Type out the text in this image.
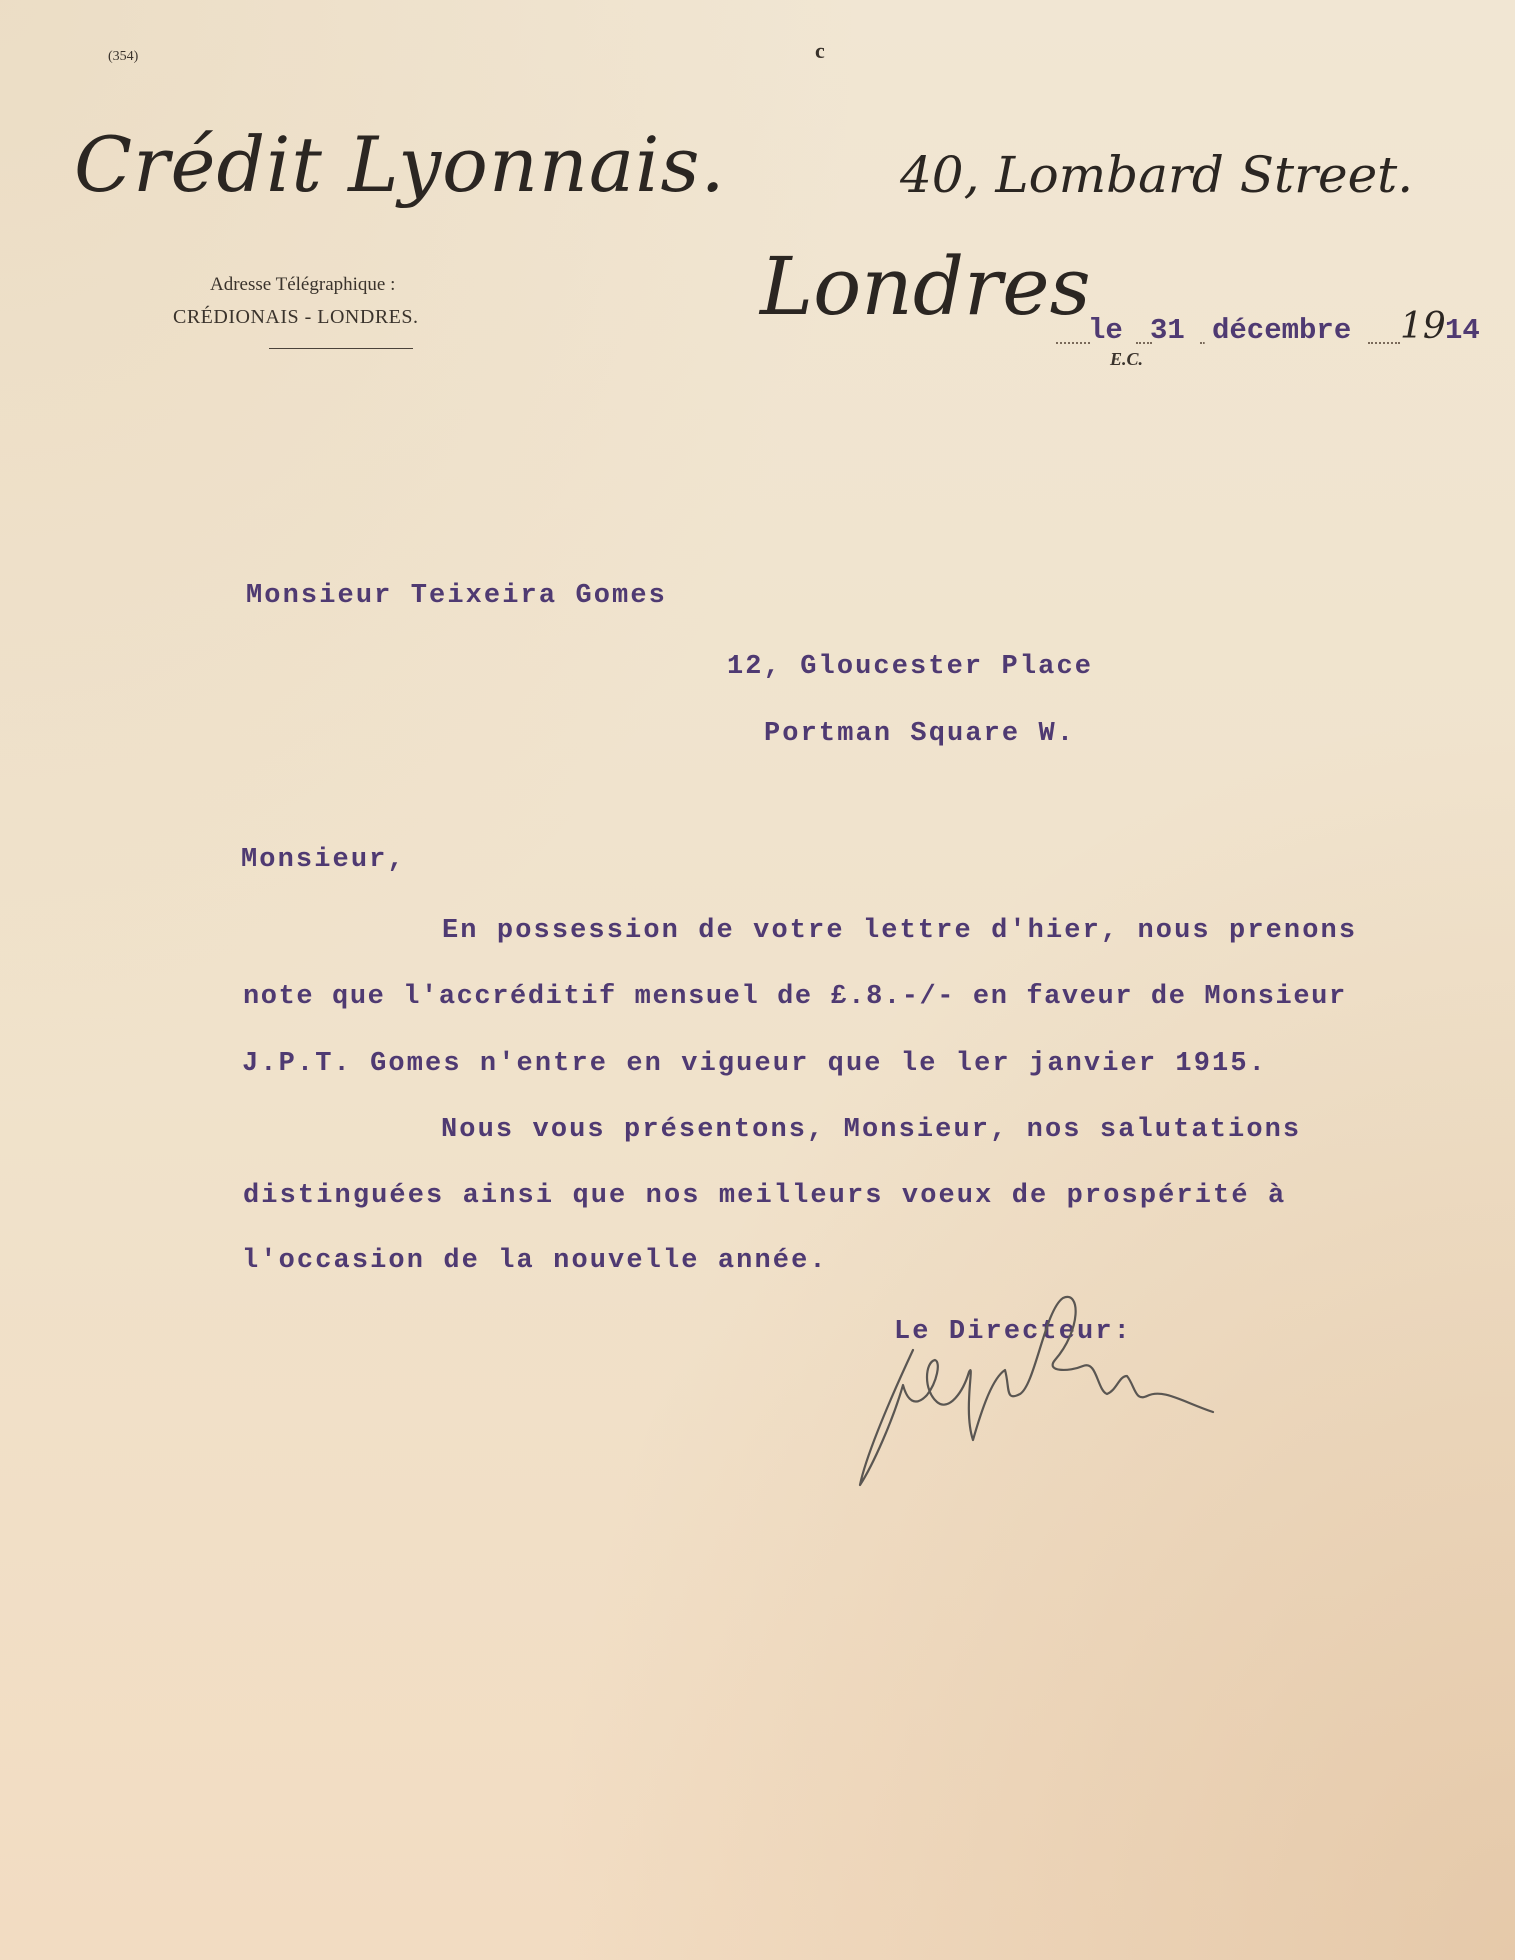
(354)	c
Crédit Lyonnais.
Adresse Télégraphique :
CRÉDIONAIS - LONDRES.
40, Lombard Street.
Londres
le 31 décembre 19 14
E.C.
Monsieur Teixeira Gomes
12, Gloucester Place
Portman Square W.
Monsieur,
En possession de votre lettre d'hier, nous prenons
note que l'accréditif mensuel de £.8.-/- en faveur de Monsieur
J.P.T. Gomes n'entre en vigueur que le ler janvier 1915.
Nous vous présentons, Monsieur, nos salutations
distinguées ainsi que nos meilleurs voeux de prospérité à
l'occasion de la nouvelle année.
Le Directeur:
